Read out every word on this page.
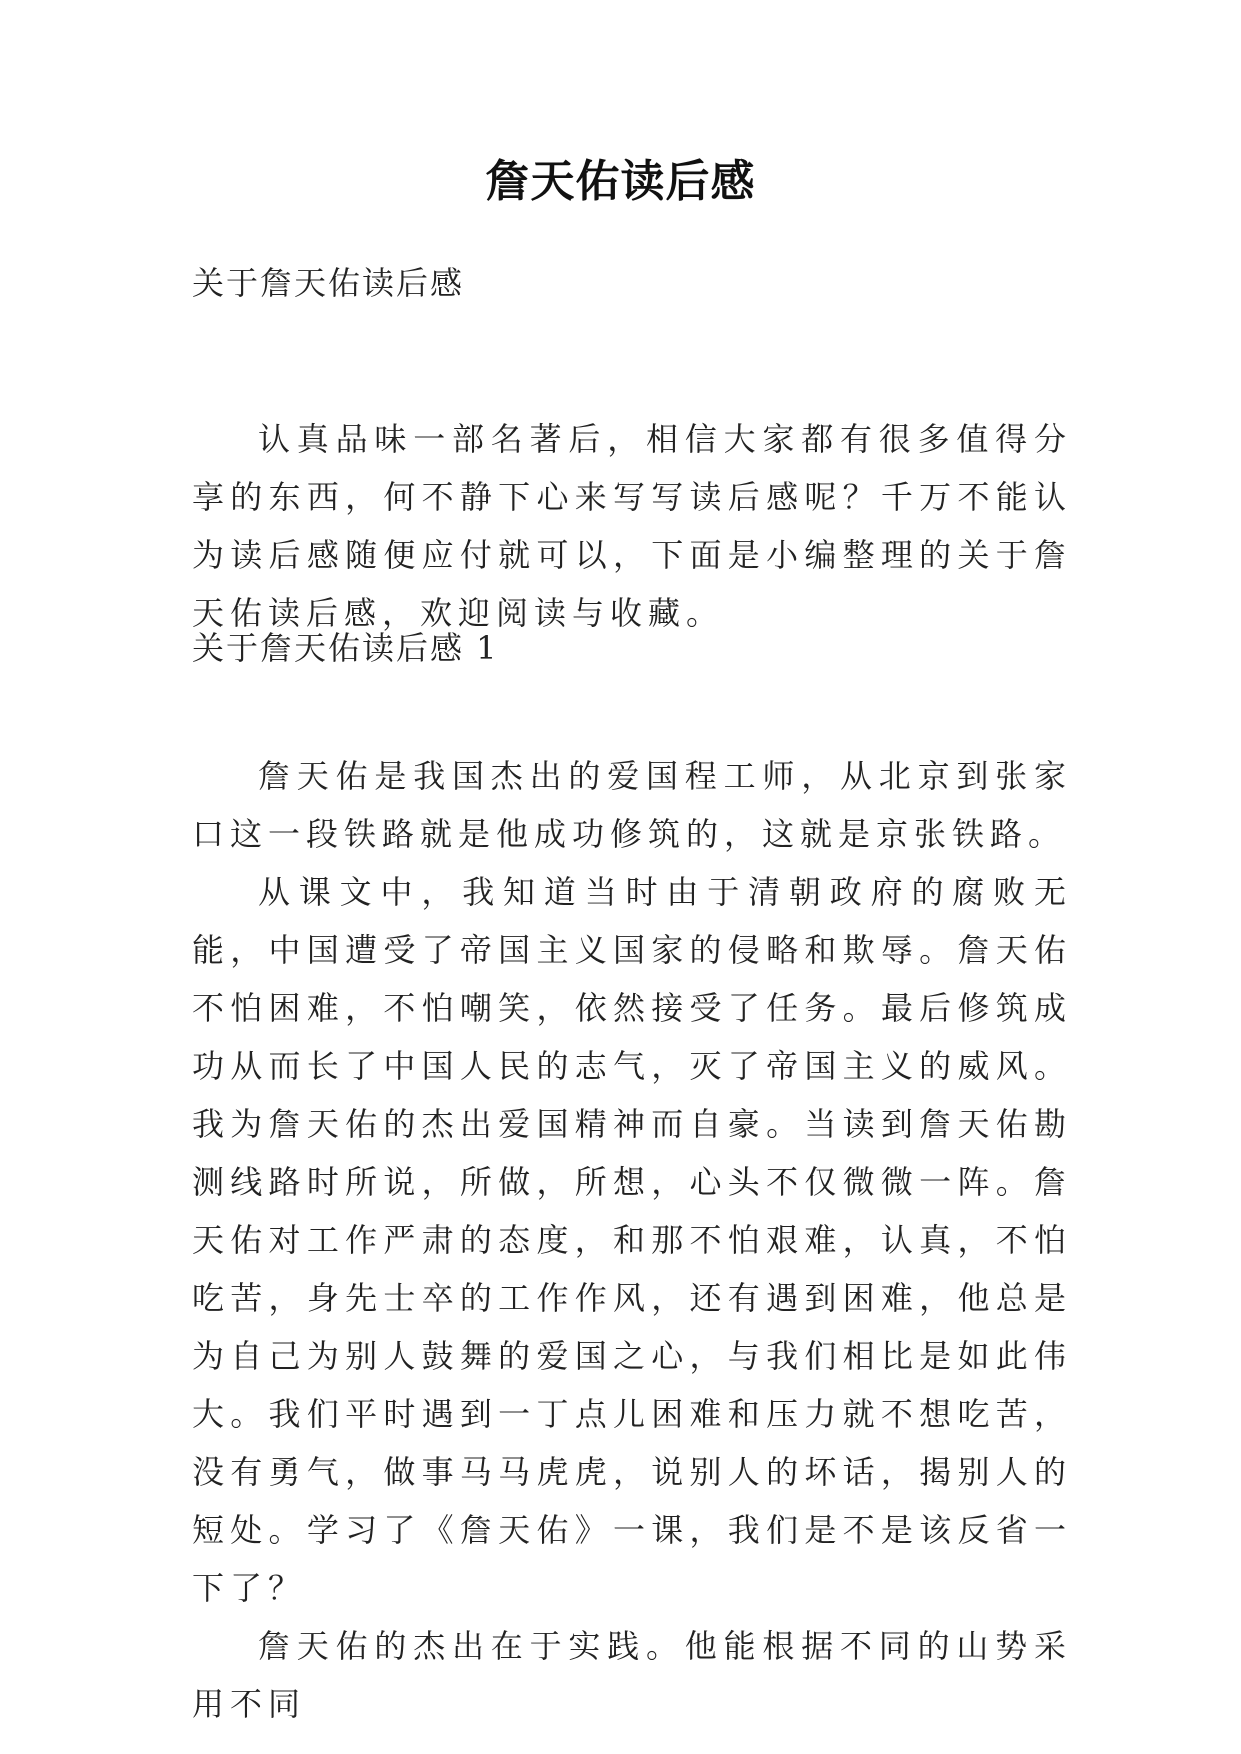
詹天佑读后感
关于詹天佑读后感

认真品味一部名著后，相信大家都有很多值得分享的东西，何不静下心来写写读后感呢？千万不能认为读后感随便应付就可以，下面是小编整理的关于詹天佑读后感，欢迎阅读与收藏。

关于詹天佑读后感 1

詹天佑是我国杰出的爱国程工师，从北京到张家口这一段铁路就是他成功修筑的，这就是京张铁路。

从课文中，我知道当时由于清朝政府的腐败无能，中国遭受了帝国主义国家的侵略和欺辱。詹天佑不怕困难，不怕嘲笑，依然接受了任务。最后修筑成功从而长了中国人民的志气，灭了帝国主义的威风。我为詹天佑的杰出爱国精神而自豪。当读到詹天佑勘测线路时所说，所做，所想，心头不仅微微一阵。詹天佑对工作严肃的态度，和那不怕艰难，认真，不怕吃苦，身先士卒的工作作风，还有遇到困难，他总是为自己为别人鼓舞的爱国之心，与我们相比是如此伟大。我们平时遇到一丁点儿困难和压力就不想吃苦，没有勇气，做事马马虎虎，说别人的坏话，揭别人的短处。学习了《詹天佑》一课，我们是不是该反省一下了？

詹天佑的杰出在于实践。他能根据不同的山势采用不同
